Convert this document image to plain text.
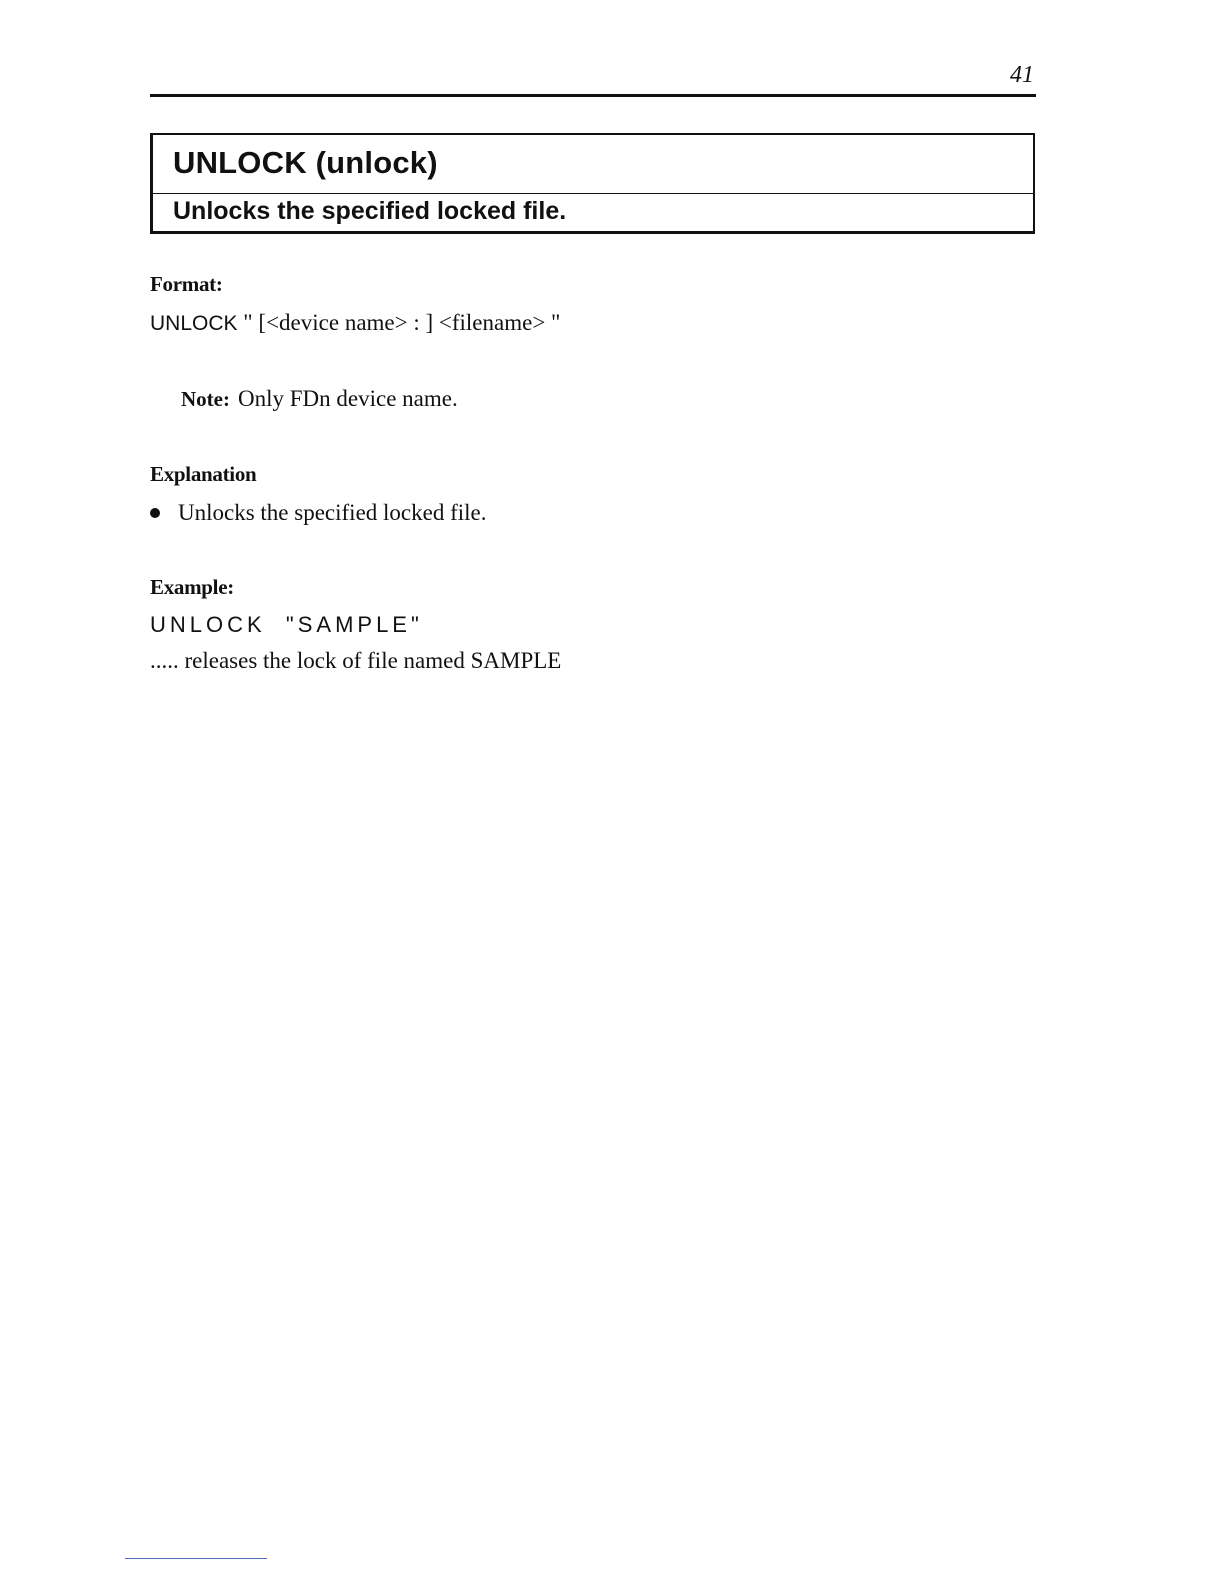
41
UNLOCK (unlock)
Unlocks the specified locked file.
Format:
UNLOCK " [<device name> : ] <filename> "
Note: Only FDn device name.
Explanation
Unlocks the specified locked file.
Example:
UNLOCK  "SAMPLE"
..... releases the lock of file named SAMPLE
